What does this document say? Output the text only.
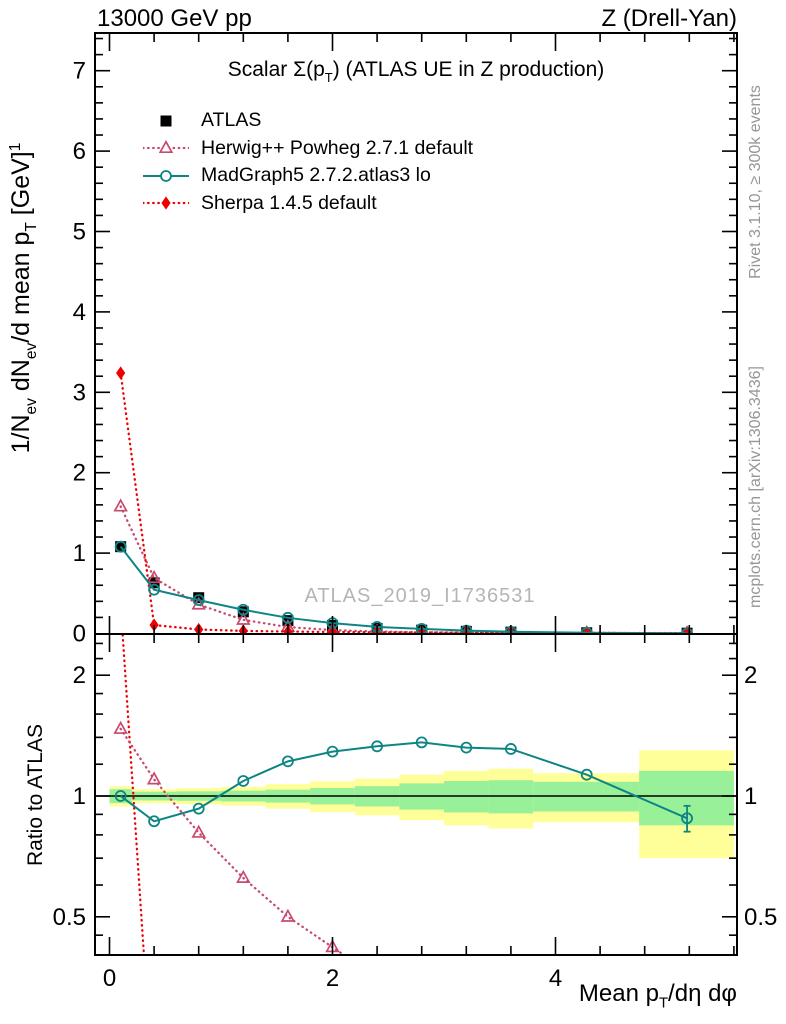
0
1
2
3
4
5
6
7
0.5	0.5
1	1
2	2
0	2	4
13000 GeV pp	Z (Drell-Yan)
Scalar $\Sigma(p_T)$ (ATLAS UE in Z production)
ATLAS
Herwig++ Powheg 2.7.1 default
MadGraph5 2.7.2.atlas3 lo
Sherpa 1.4.5 default
ATLAS_2019_I1736531
Rivet 3.1.10, ≥ 300k events
mcplots.cern.ch [arXiv:1306.3436]
$1/N_{ev}$ $dN_{ev}/d$ mean $p_T$ [GeV]$^1$
Ratio to ATLAS
Mean $p_T/d\eta$ dφ
